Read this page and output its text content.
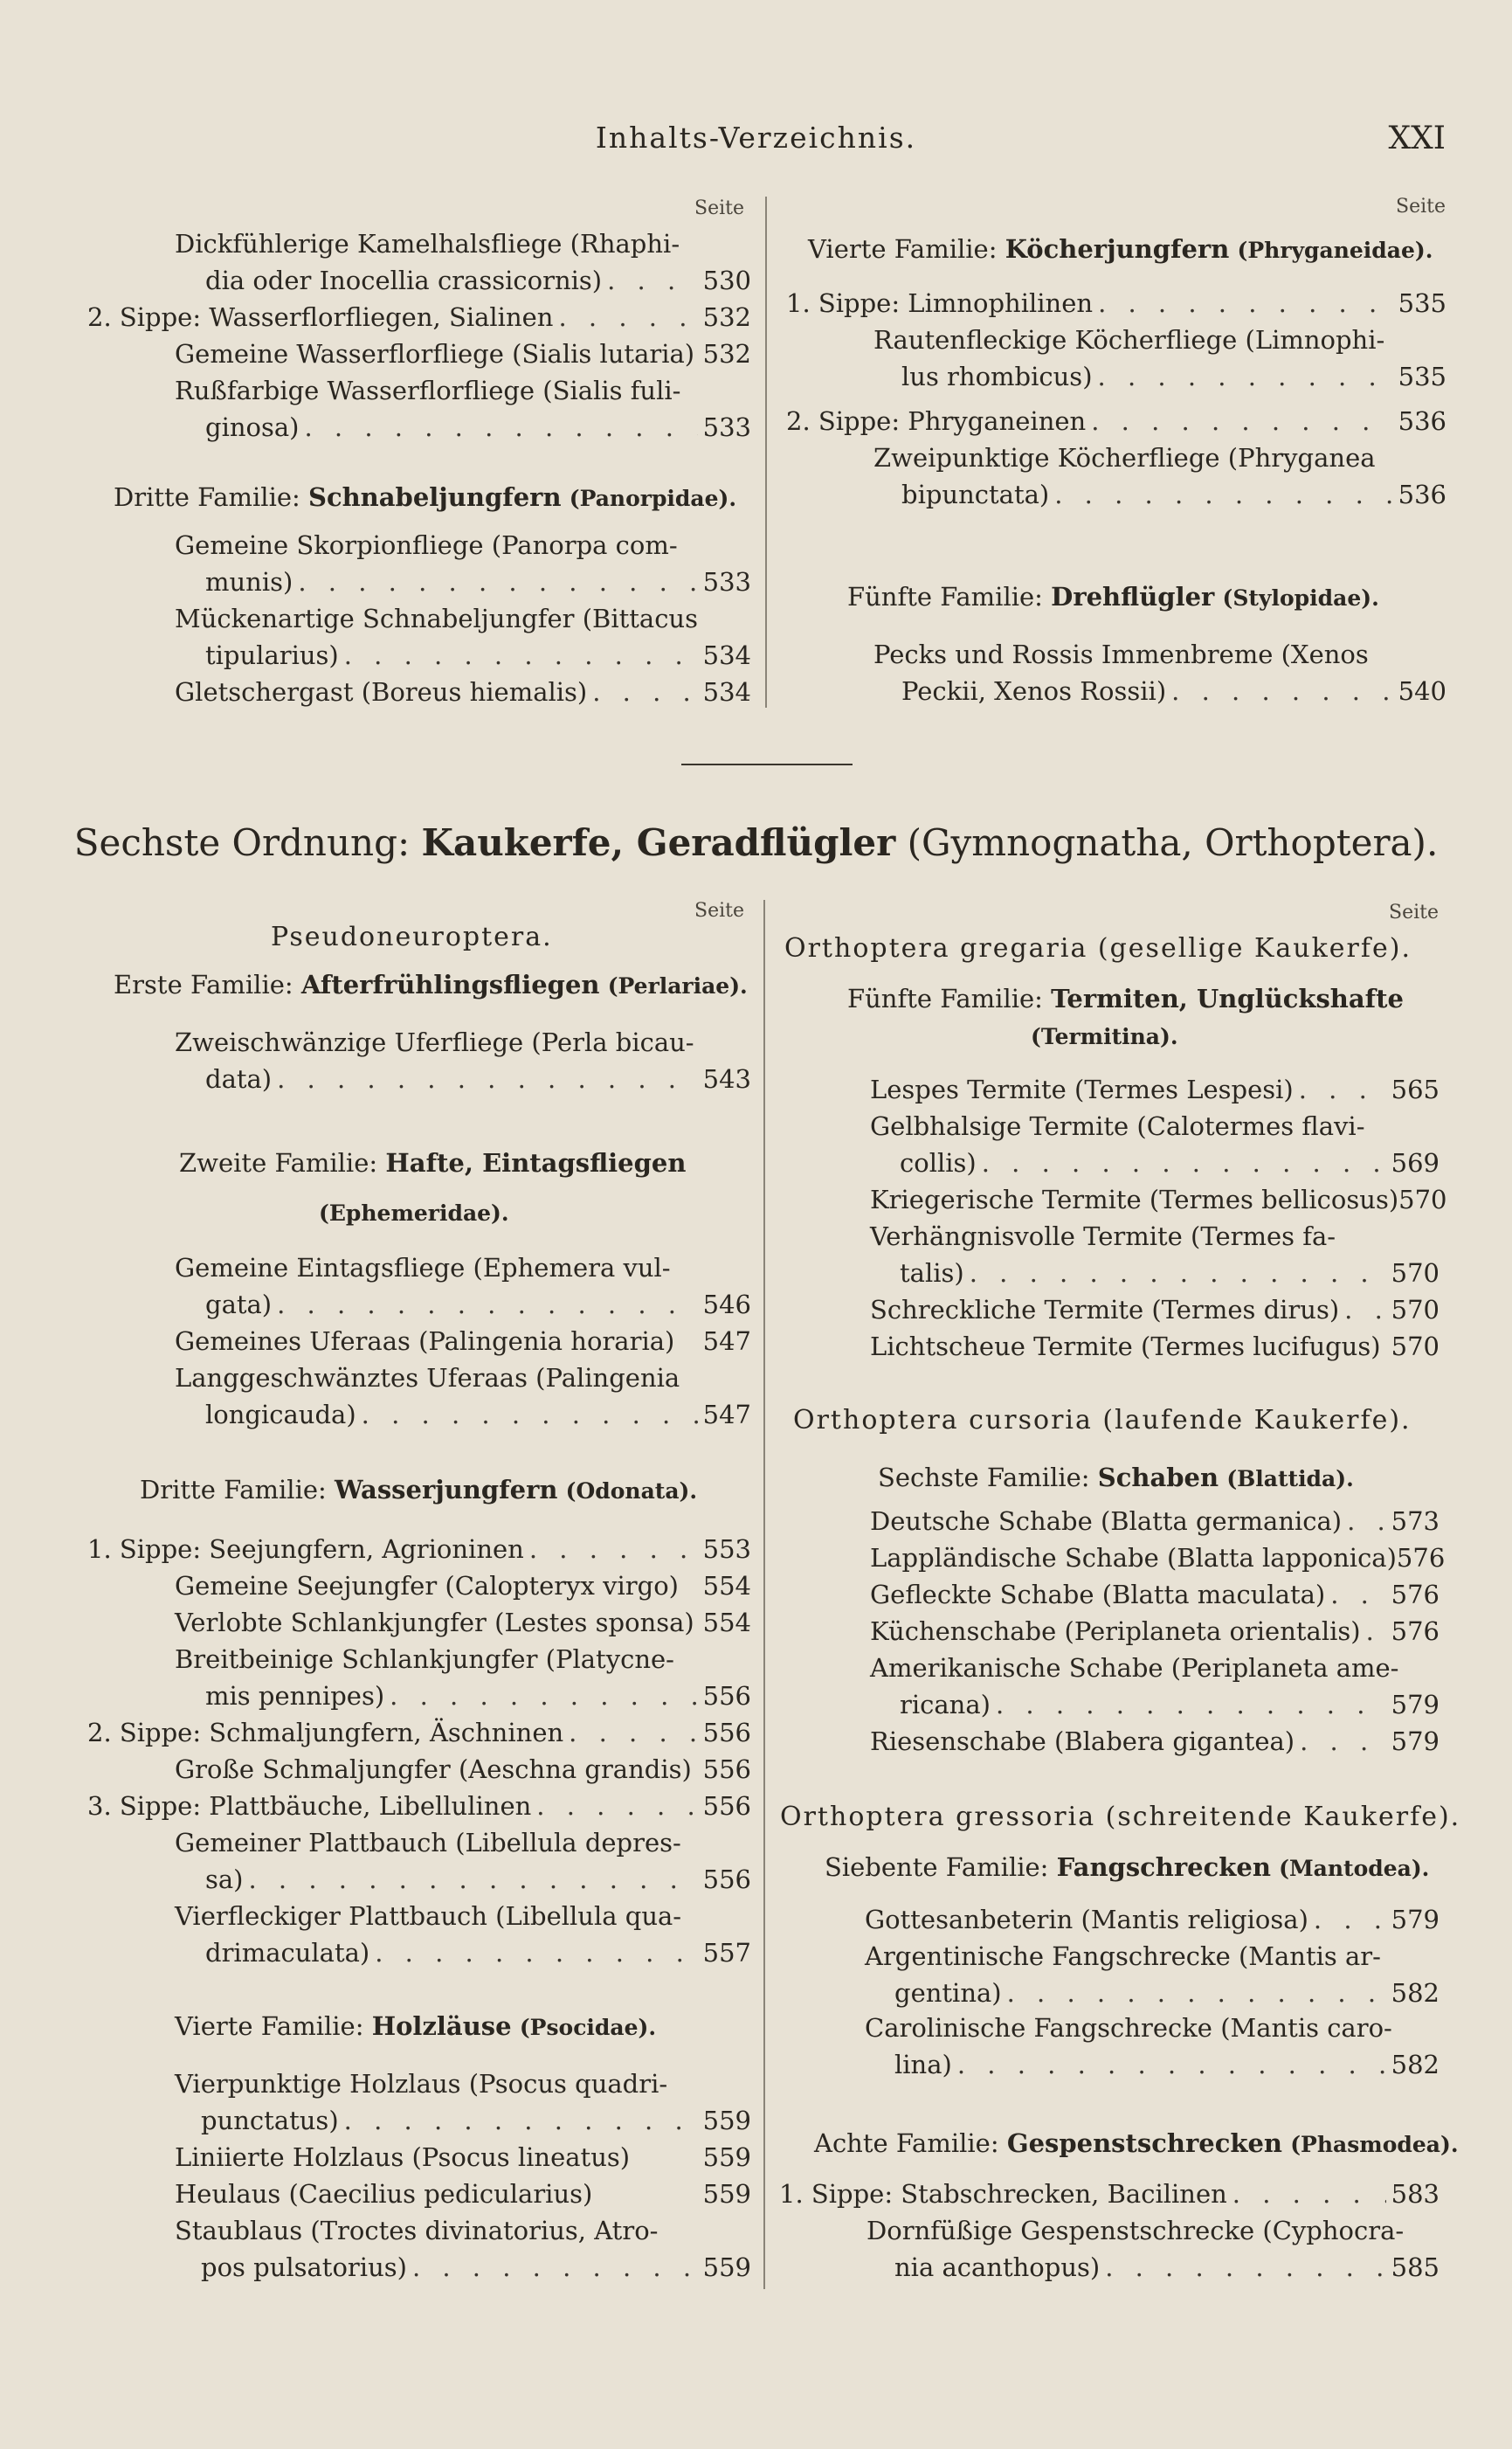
Inhalts-Verzeichnis.	XXI
Seite
Dickfühlerige Kamelhalsfliege (Rhaphi-
dia oder Inocellia crassicornis) . . .	530
2. Sippe: Wasserflorfliegen, Sialinen . . .	532
Gemeine Wasserflorfliege (Sialis lutaria) 532
Rußfarbige Wasserflorfliege (Sialis fuli-
ginosa) . . .	533
Dritte Familie: Schnabeljungfern (Panorpidae).
Gemeine Skorpionfliege (Panorpa com-
munis) . . .	533
Mückenartige Schnabeljungfer (Bittacus
tipularius) . . .	534
Gletschergast (Boreus hiemalis) . . .	534
Seite
Vierte Familie: Köcherjungfern (Phryganeidae).
1. Sippe: Limnophilinen . . .	535
Rautenfleckige Köcherfliege (Limnophi-
lus rhombicus) . . .	535
2. Sippe: Phryganeinen . . .	536
Zweipunktige Köcherfliege (Phryganea
bipunctata) . . .	536
Fünfte Familie: Drehflügler (Stylopidae).
Pecks und Rossis Immenbreme (Xenos
Peckii, Xenos Rossii) . . .	540
Sechste Ordnung: Kaukerfe, Geradflügler (Gymnognatha, Orthoptera).
Seite
Pseudoneuroptera.
Erste Familie: Afterfrühlingsfliegen (Perlariae).
Zweischwänzige Uferfliege (Perla bicau-
data) . . .	543
Zweite Familie: Hafte, Eintagsfliegen
(Ephemeridae).
Gemeine Eintagsfliege (Ephemera vul-
gata) . . .	546
Gemeines Uferaas (Palingenia horaria) 547
Langgeschwänztes Uferaas (Palingenia
longicauda) . . .	547
Dritte Familie: Wasserjungfern (Odonata).
1. Sippe: Seejungfern, Agrioninen . . .	553
Gemeine Seejungfer (Calopteryx virgo) 554
Verlobte Schlankjungfer (Lestes sponsa) 554
Breitbeinige Schlankjungfer (Platycne-
mis pennipes) . . .	556
2. Sippe: Schmaljungfern, Äschninen . . .	556
Große Schmaljungfer (Aeschna grandis) 556
3. Sippe: Plattbäuche, Libellulinen . . .	556
Gemeiner Plattbauch (Libellula depres-
sa) . . .	556
Vierfleckiger Plattbauch (Libellula qua-
drimaculata) . . .	557
Vierte Familie: Holzläuse (Psocidae).
Vierpunktige Holzlaus (Psocus quadri-
punctatus) . . .	559
Liniierte Holzlaus (Psocus lineatus)	559
Heulaus (Caecilius pedicularius)	559
Staublaus (Troctes divinatorius, Atro-
pos pulsatorius) . . .	559
Seite
Orthoptera gregaria (gesellige Kaukerfe).
Fünfte Familie: Termiten, Unglückshafte
(Termitina).
Lespes Termite (Termes Lespesi) . . .	565
Gelbhalsige Termite (Calotermes flavi-
collis) . . .	569
Kriegerische Termite (Termes bellicosus) 570
Verhängnisvolle Termite (Termes fa-
talis) . . .	570
Schreckliche Termite (Termes dirus) . . . 570
Lichtscheue Termite (Termes lucifugus) 570
Orthoptera cursoria (laufende Kaukerfe).
Sechste Familie: Schaben (Blattida).
Deutsche Schabe (Blatta germanica) . . . 573
Lappländische Schabe (Blatta lapponica) 576
Gefleckte Schabe (Blatta maculata) . . .	576
Küchenschabe (Periplaneta orientalis) . . . 576
Amerikanische Schabe (Periplaneta ame-
ricana) . . .	579
Riesenschabe (Blabera gigantea) . . .	579
Orthoptera gressoria (schreitende Kaukerfe).
Siebente Familie: Fangschrecken (Mantodea).
Gottesanbeterin (Mantis religiosa) . . .	579
Argentinische Fangschrecke (Mantis ar-
gentina) . . .	582
Carolinische Fangschrecke (Mantis caro-
lina) . . .	582
Achte Familie: Gespenstschrecken (Phasmodea).
1. Sippe: Stabschrecken, Bacilinen . . .	583
Dornfüßige Gespenstschrecke (Cyphocra-
nia acanthopus) . . .	585
